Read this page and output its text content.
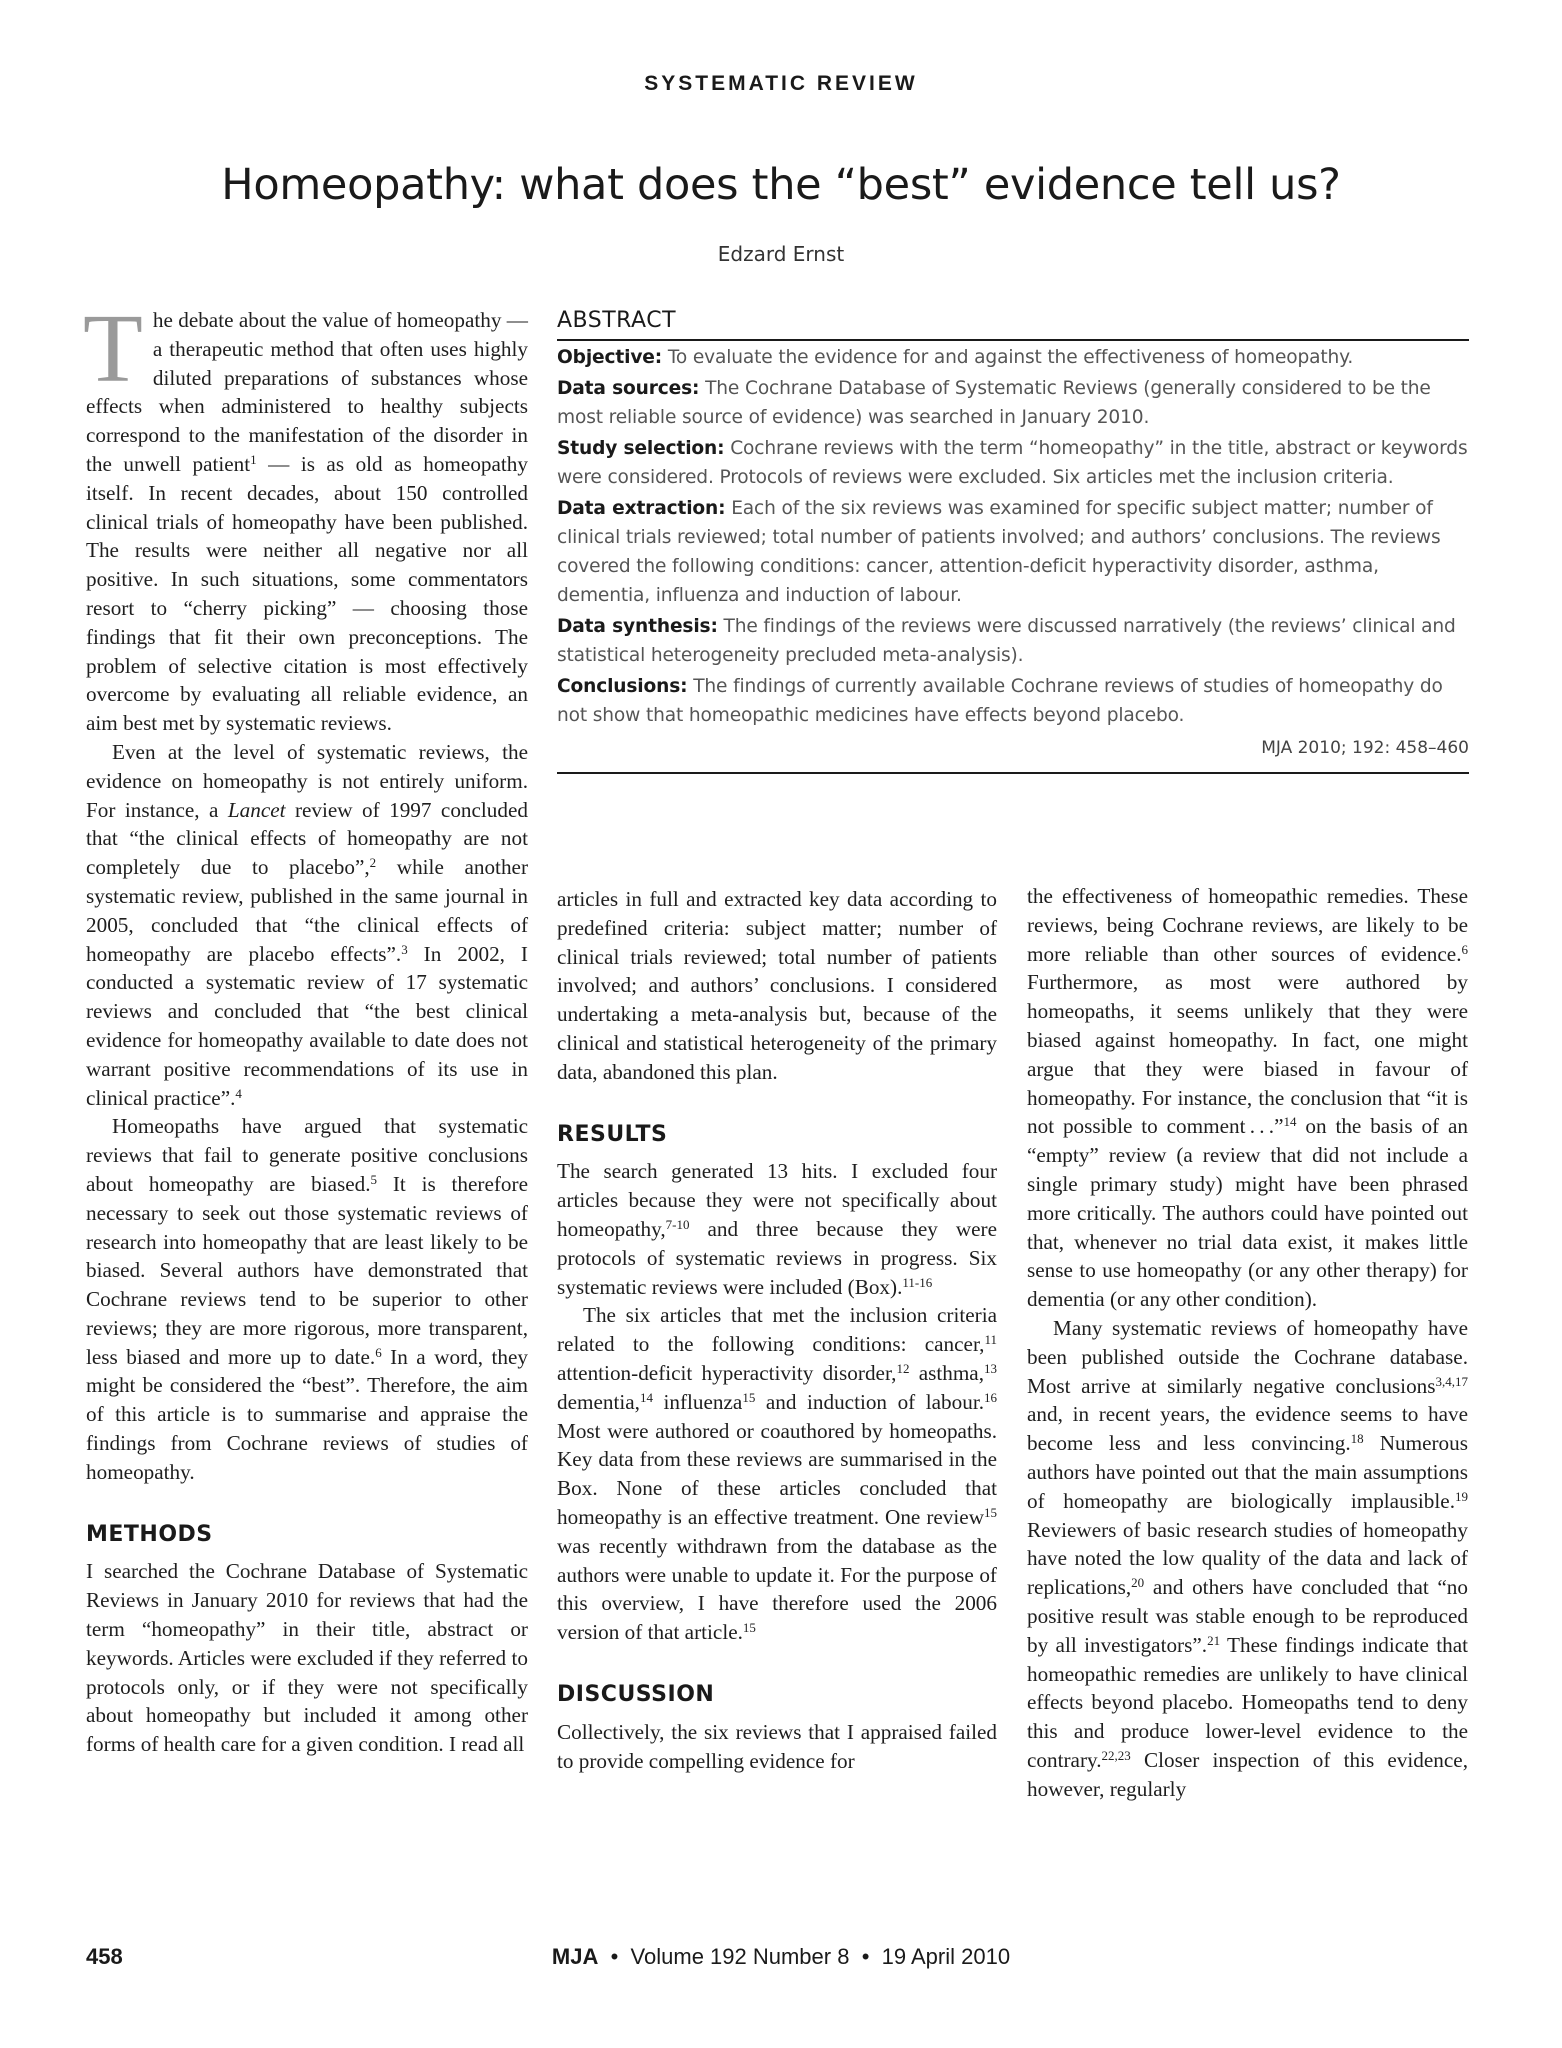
SYSTEMATIC REVIEW
Homeopathy: what does the “best” evidence tell us?
Edzard Ernst
ABSTRACT
Objective: To evaluate the evidence for and against the effectiveness of homeopathy.
Data sources: The Cochrane Database of Systematic Reviews (generally considered to be the most reliable source of evidence) was searched in January 2010.
Study selection: Cochrane reviews with the term “homeopathy” in the title, abstract or keywords were considered. Protocols of reviews were excluded. Six articles met the inclusion criteria.
Data extraction: Each of the six reviews was examined for specific subject matter; number of clinical trials reviewed; total number of patients involved; and authors’ conclusions. The reviews covered the following conditions: cancer, attention-deficit hyperactivity disorder, asthma, dementia, influenza and induction of labour.
Data synthesis: The findings of the reviews were discussed narratively (the reviews’ clinical and statistical heterogeneity precluded meta-analysis).
Conclusions: The findings of currently available Cochrane reviews of studies of homeopathy do not show that homeopathic medicines have effects beyond placebo.
MJA 2010; 192: 458–460

The debate about the value of homeopathy — a therapeutic method that often uses highly diluted preparations of substances whose effects when administered to healthy subjects correspond to the manifestation of the disorder in the unwell patient$^1$ — is as old as homeopathy itself. In recent decades, about 150 controlled clinical trials of homeopathy have been published. The results were neither all negative nor all positive. In such situations, some commentators resort to “cherry picking” — choosing those findings that fit their own preconceptions. The problem of selective citation is most effectively overcome by evaluating all reliable evidence, an aim best met by systematic reviews.

Even at the level of systematic reviews, the evidence on homeopathy is not entirely uniform. For instance, a Lancet review of 1997 concluded that “the clinical effects of homeopathy are not completely due to placebo”,$^2$ while another systematic review, published in the same journal in 2005, concluded that “the clinical effects of homeopathy are placebo effects”.$^3$ In 2002, I conducted a systematic review of 17 systematic reviews and concluded that “the best clinical evidence for homeopathy available to date does not warrant positive recommendations of its use in clinical practice”.$^4$

Homeopaths have argued that systematic reviews that fail to generate positive conclusions about homeopathy are biased.$^5$ It is therefore necessary to seek out those systematic reviews of research into homeopathy that are least likely to be biased. Several authors have demonstrated that Cochrane reviews tend to be superior to other reviews; they are more rigorous, more transparent, less biased and more up to date.$^6$ In a word, they might be considered the “best”. Therefore, the aim of this article is to summarise and appraise the findings from Cochrane reviews of studies of homeopathy.

METHODS

I searched the Cochrane Database of Systematic Reviews in January 2010 for reviews that had the term “homeopathy” in their title, abstract or keywords. Articles were excluded if they referred to protocols only, or if they were not specifically about homeopathy but included it among other forms of health care for a given condition. I read all

articles in full and extracted key data according to predefined criteria: subject matter; number of clinical trials reviewed; total number of patients involved; and authors’ conclusions. I considered undertaking a meta-analysis but, because of the clinical and statistical heterogeneity of the primary data, abandoned this plan.

RESULTS

The search generated 13 hits. I excluded four articles because they were not specifically about homeopathy,$^{7-10}$ and three because they were protocols of systematic reviews in progress. Six systematic reviews were included (Box).$^{11-16}$

The six articles that met the inclusion criteria related to the following conditions: cancer,$^{11}$ attention-deficit hyperactivity disorder,$^{12}$ asthma,$^{13}$ dementia,$^{14}$ influenza$^{15}$ and induction of labour.$^{16}$ Most were authored or coauthored by homeopaths. Key data from these reviews are summarised in the Box. None of these articles concluded that homeopathy is an effective treatment. One review$^{15}$ was recently withdrawn from the database as the authors were unable to update it. For the purpose of this overview, I have therefore used the 2006 version of that article.$^{15}$

DISCUSSION

Collectively, the six reviews that I appraised failed to provide compelling evidence for

the effectiveness of homeopathic remedies. These reviews, being Cochrane reviews, are likely to be more reliable than other sources of evidence.$^6$ Furthermore, as most were authored by homeopaths, it seems unlikely that they were biased against homeopathy. In fact, one might argue that they were biased in favour of homeopathy. For instance, the conclusion that “it is not possible to comment . . .”$^{14}$ on the basis of an “empty” review (a review that did not include a single primary study) might have been phrased more critically. The authors could have pointed out that, whenever no trial data exist, it makes little sense to use homeopathy (or any other therapy) for dementia (or any other condition).

Many systematic reviews of homeopathy have been published outside the Cochrane database. Most arrive at similarly negative conclusions$^{3,4,17}$ and, in recent years, the evidence seems to have become less and less convincing.$^{18}$ Numerous authors have pointed out that the main assumptions of homeopathy are biologically implausible.$^{19}$ Reviewers of basic research studies of homeopathy have noted the low quality of the data and lack of replications,$^{20}$ and others have concluded that “no positive result was stable enough to be reproduced by all investigators”.$^{21}$ These findings indicate that homeopathic remedies are unlikely to have clinical effects beyond placebo. Homeopaths tend to deny this and produce lower-level evidence to the contrary.$^{22,23}$ Closer inspection of this evidence, however, regularly

458	MJA • Volume 192 Number 8 • 19 April 2010
